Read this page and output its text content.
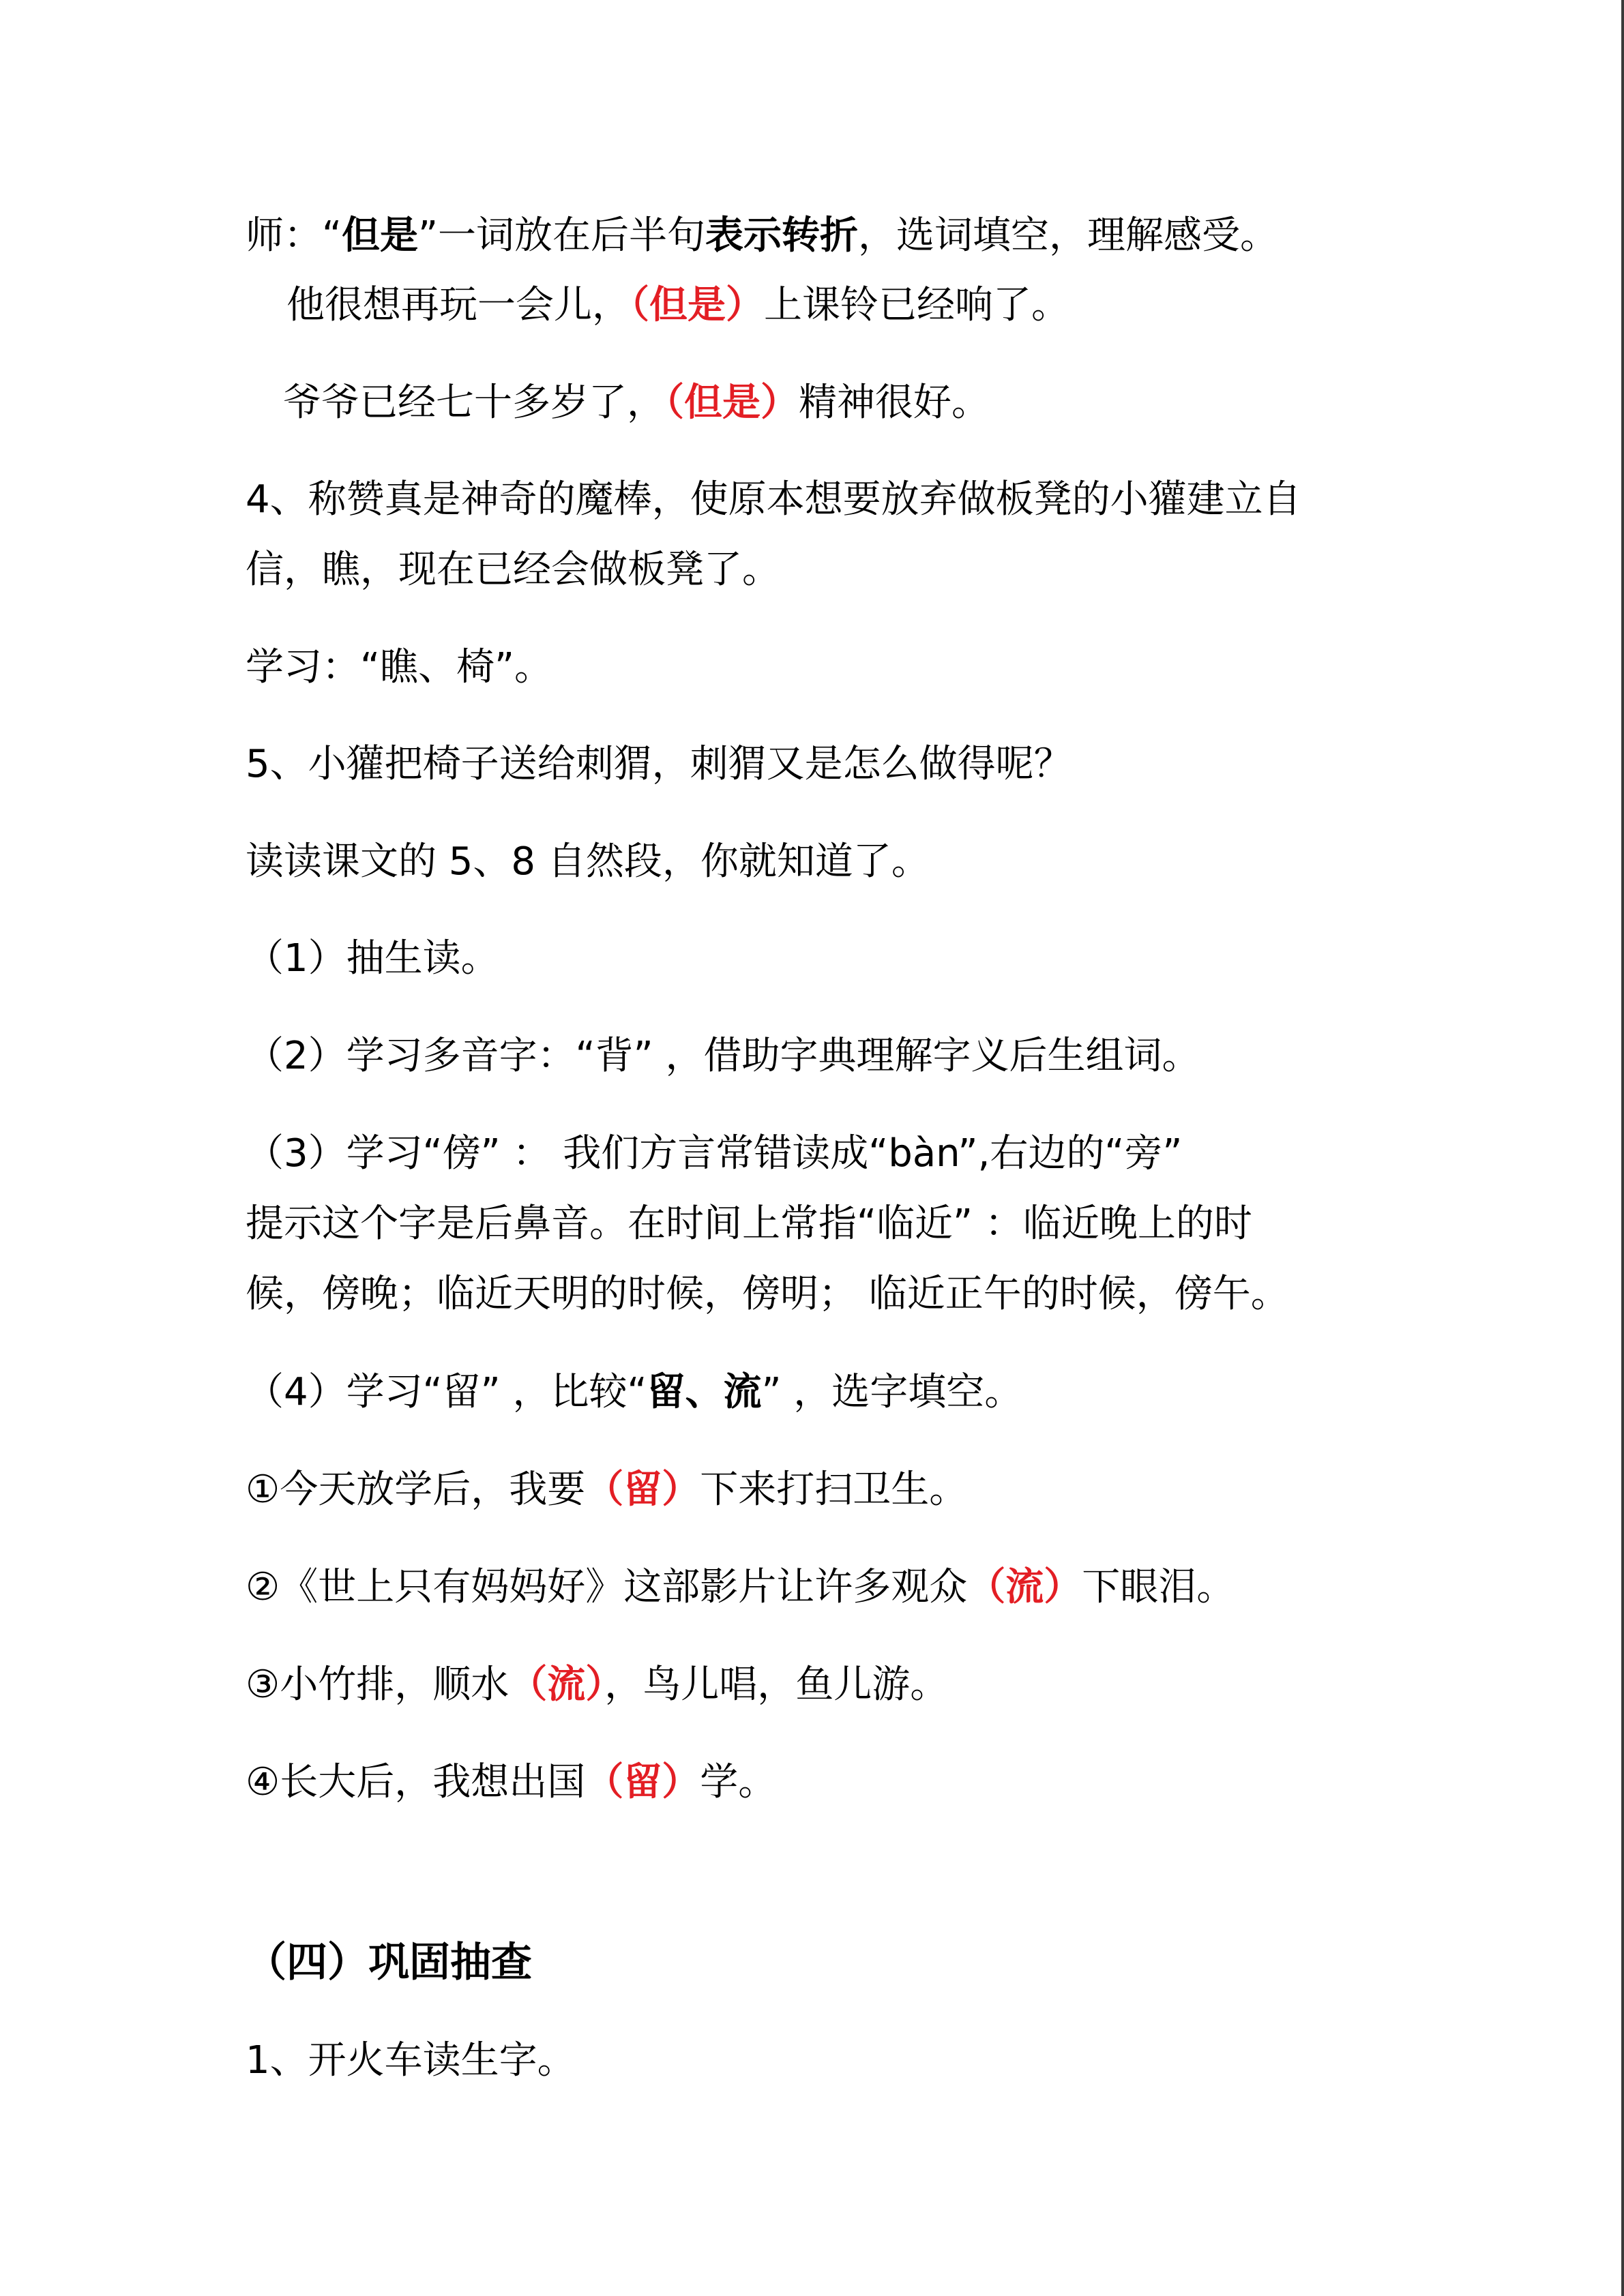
师：“但是”一词放在后半句表示转折，选词填空，理解感受。
他很想再玩一会儿，（但是）上课铃已经响了。
爷爷已经七十多岁了，（但是）精神很好。
4、称赞真是神奇的魔棒，使原本想要放弃做板凳的小獾建立自
信，瞧，现在已经会做板凳了。
学习：“瞧、椅”。
5、小獾把椅子送给刺猬，刺猬又是怎么做得呢？
读读课文的 5、8 自然段，你就知道了。
（1）抽生读。
（2）学习多音字：“背” ，借助字典理解字义后生组词。
（3）学习“傍” ： 我们方言常错读成“bàn”,右边的“旁”
提示这个字是后鼻音。在时间上常指“临近” ：临近晚上的时
候，傍晚；临近天明的时候，傍明； 临近正午的时候，傍午。
（4）学习“留” ，比较“留、流” ，选字填空。
①今天放学后，我要（留）下来打扫卫生。
②《世上只有妈妈好》这部影片让许多观众（流）下眼泪。
③小竹排，顺水（流），鸟儿唱，鱼儿游。
④长大后，我想出国（留）学。
（四）巩固抽查
1、开火车读生字。
